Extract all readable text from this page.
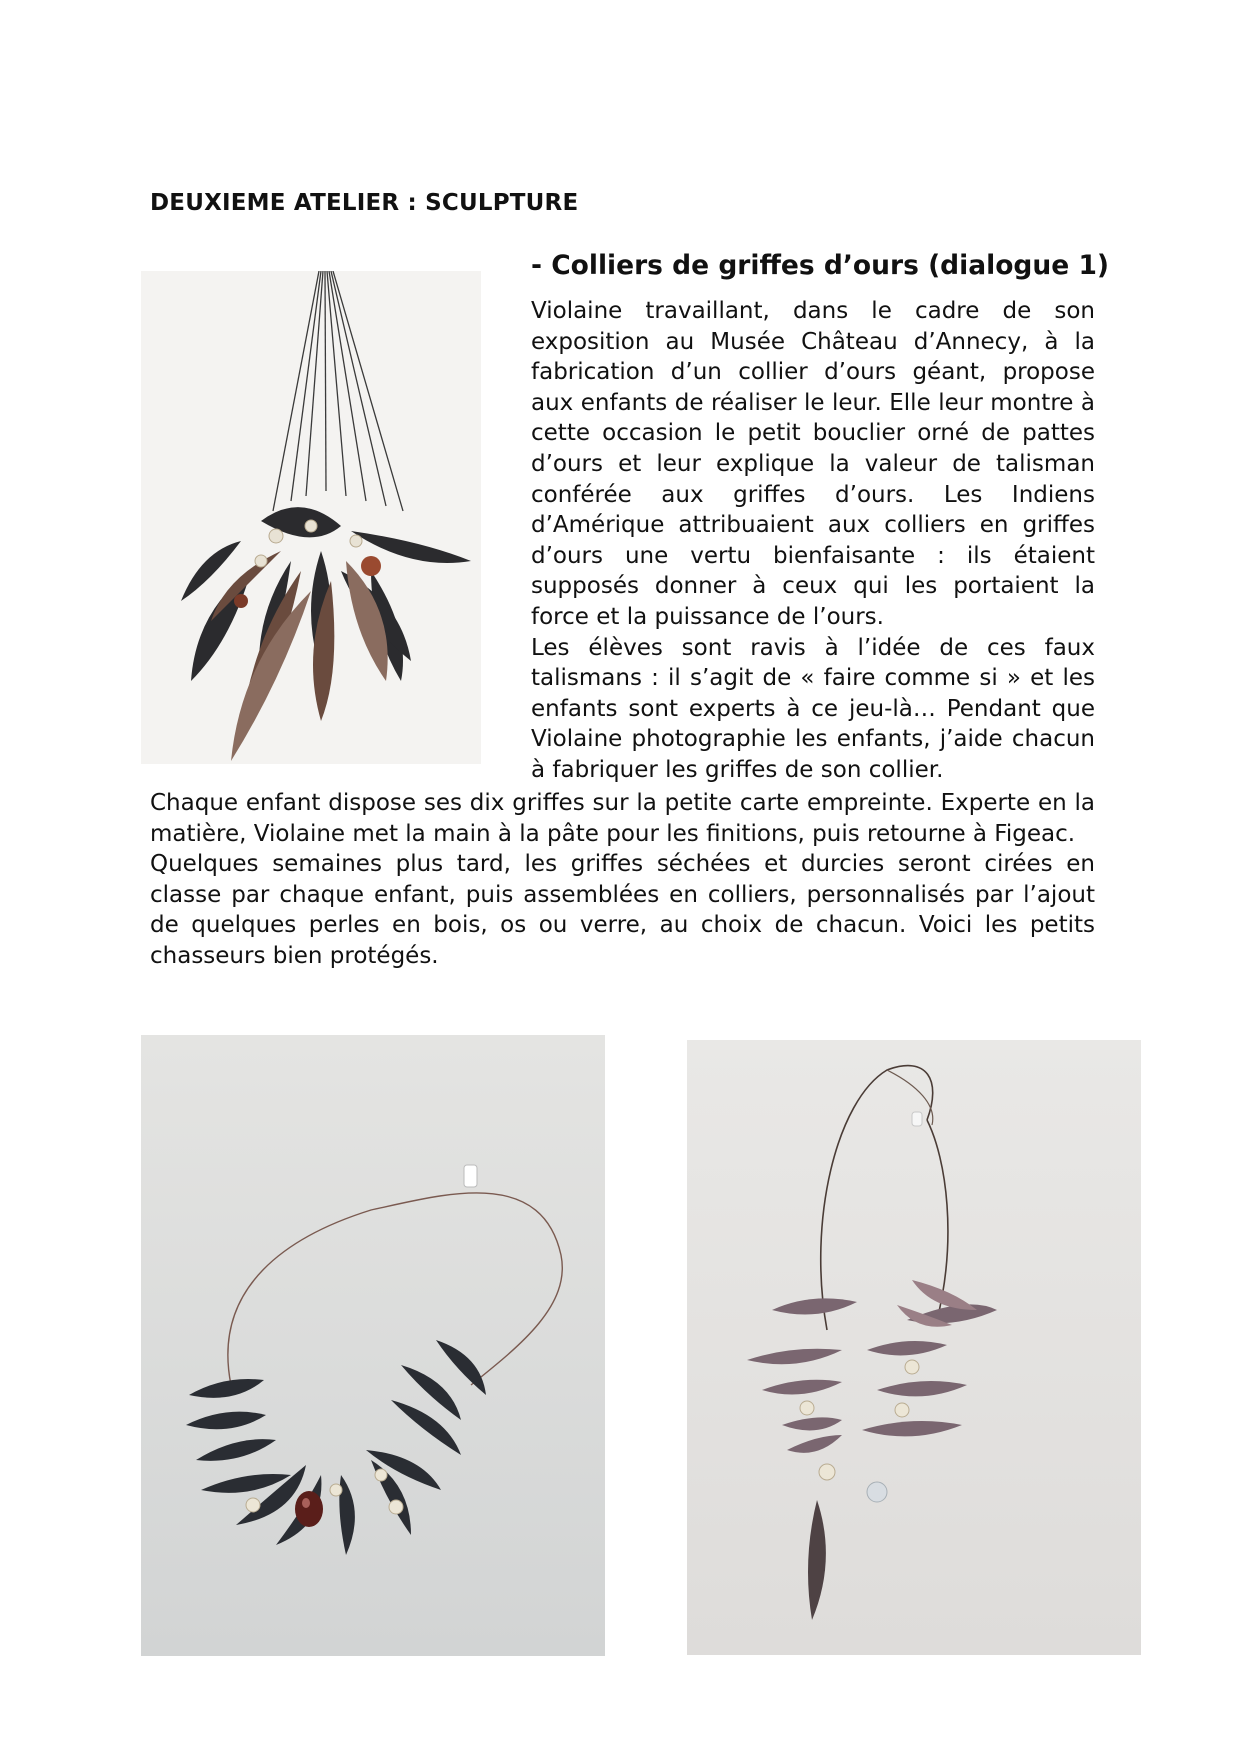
DEUXIEME ATELIER : SCULPTURE
- Colliers de griffes d’ours (dialogue 1)

Violaine travaillant, dans le cadre de son exposition au Musée Château d’Annecy, à la fabrication d’un collier d’ours géant, propose aux enfants de réaliser le leur. Elle leur montre à cette occasion le petit bouclier orné de pattes d’ours et leur explique la valeur de talisman conférée aux griffes d’ours. Les Indiens d’Amérique attribuaient aux colliers en griffes d’ours une vertu bienfaisante : ils étaient supposés donner à ceux qui les portaient la force et la puissance de l’ours.

Les élèves sont ravis à l’idée de ces faux talismans : il s’agit de « faire comme si » et les enfants sont experts à ce jeu-là… Pendant que Violaine photographie les enfants, j’aide chacun à fabriquer les griffes de son collier.

Chaque enfant dispose ses dix griffes sur la petite carte empreinte. Experte en la matière, Violaine met la main à la pâte pour les finitions, puis retourne à Figeac.

Quelques semaines plus tard, les griffes séchées et durcies seront cirées en classe par chaque enfant, puis assemblées en colliers, personnalisés par l’ajout de quelques perles en bois, os ou verre, au choix de chacun. Voici les petits chasseurs bien protégés.
